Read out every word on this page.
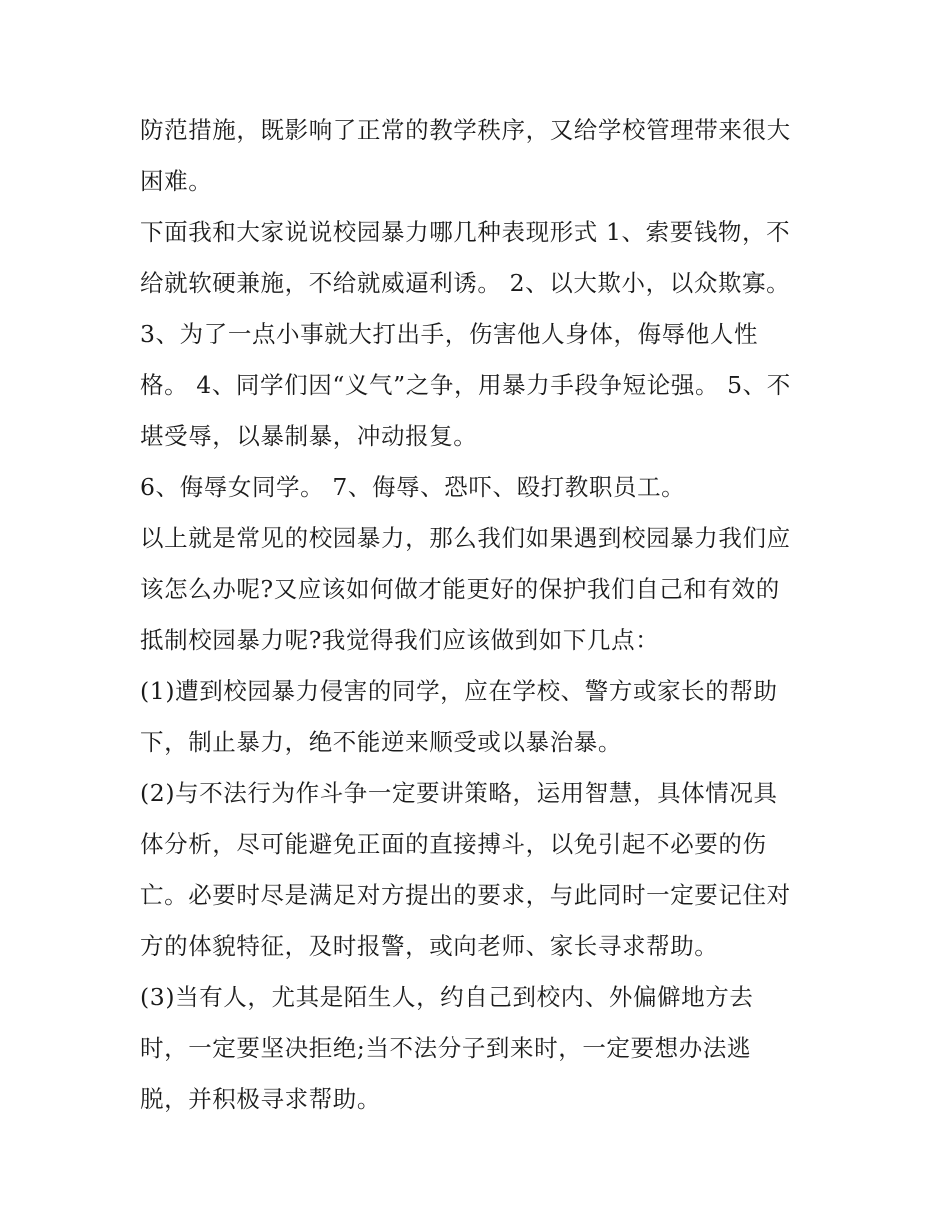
防范措施，既影响了正常的教学秩序，又给学校管理带来很大
困难。
下面我和大家说说校园暴力哪几种表现形式 1、索要钱物，不
给就软硬兼施，不给就威逼利诱。 2、以大欺小，以众欺寡。
3、为了一点小事就大打出手，伤害他人身体，侮辱他人性
格。 4、同学们因“义气”之争，用暴力手段争短论强。 5、不
堪受辱，以暴制暴，冲动报复。
6、侮辱女同学。 7、侮辱、恐吓、殴打教职员工。
以上就是常见的校园暴力，那么我们如果遇到校园暴力我们应
该怎么办呢?又应该如何做才能更好的保护我们自己和有效的
抵制校园暴力呢?我觉得我们应该做到如下几点：
(1)遭到校园暴力侵害的同学，应在学校、警方或家长的帮助
下，制止暴力，绝不能逆来顺受或以暴治暴。
(2)与不法行为作斗争一定要讲策略，运用智慧，具体情况具
体分析，尽可能避免正面的直接搏斗，以免引起不必要的伤
亡。必要时尽是满足对方提出的要求，与此同时一定要记住对
方的体貌特征，及时报警，或向老师、家长寻求帮助。
(3)当有人，尤其是陌生人，约自己到校内、外偏僻地方去
时，一定要坚决拒绝;当不法分子到来时，一定要想办法逃
脱，并积极寻求帮助。
